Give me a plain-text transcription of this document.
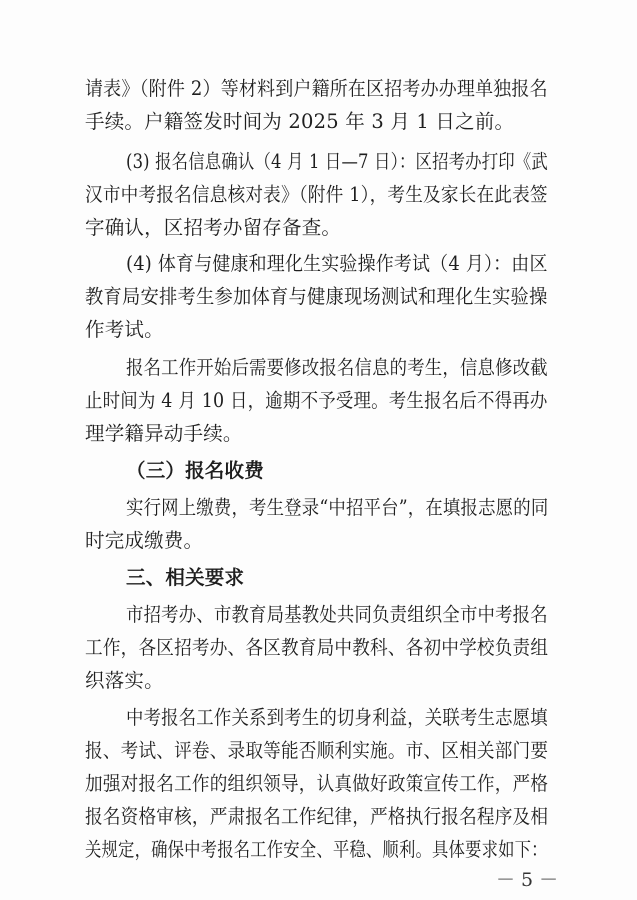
请表》（附件 2）等材料到户籍所在区招考办办理单独报名
手续。户籍签发时间为 2025 年 3 月 1 日之前。
(3) 报名信息确认（4 月 1 日—7 日）：区招考办打印《武
汉市中考报名信息核对表》（附件 1），考生及家长在此表签
字确认，区招考办留存备查。
(4) 体育与健康和理化生实验操作考试（4 月）：由区
教育局安排考生参加体育与健康现场测试和理化生实验操
作考试。
报名工作开始后需要修改报名信息的考生，信息修改截
止时间为 4 月 10 日，逾期不予受理。考生报名后不得再办
理学籍异动手续。
（三）报名收费
实行网上缴费，考生登录“中招平台”，在填报志愿的同
时完成缴费。
三、相关要求
市招考办、市教育局基教处共同负责组织全市中考报名
工作，各区招考办、各区教育局中教科、各初中学校负责组
织落实。
中考报名工作关系到考生的切身利益，关联考生志愿填
报、考试、评卷、录取等能否顺利实施。市、区相关部门要
加强对报名工作的组织领导，认真做好政策宣传工作，严格
报名资格审核，严肃报名工作纪律，严格执行报名程序及相
关规定，确保中考报名工作安全、平稳、顺利。具体要求如下：
－ 5 －
